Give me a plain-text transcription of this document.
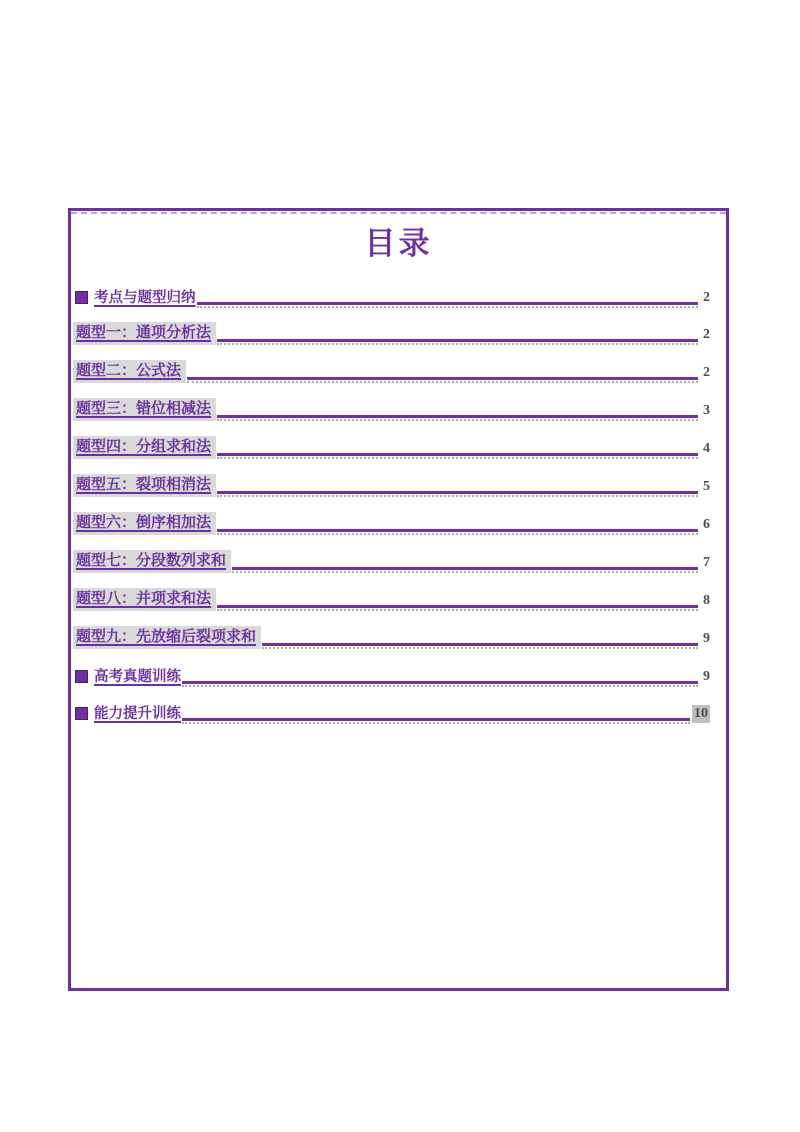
目录
考点与题型归纳	2
题型一：通项分析法	2
题型二：公式法	2
题型三：错位相减法	3
题型四：分组求和法	4
题型五：裂项相消法	5
题型六：倒序相加法	6
题型七：分段数列求和	7
题型八：并项求和法	8
题型九：先放缩后裂项求和	9
高考真题训练	9
能力提升训练	10
